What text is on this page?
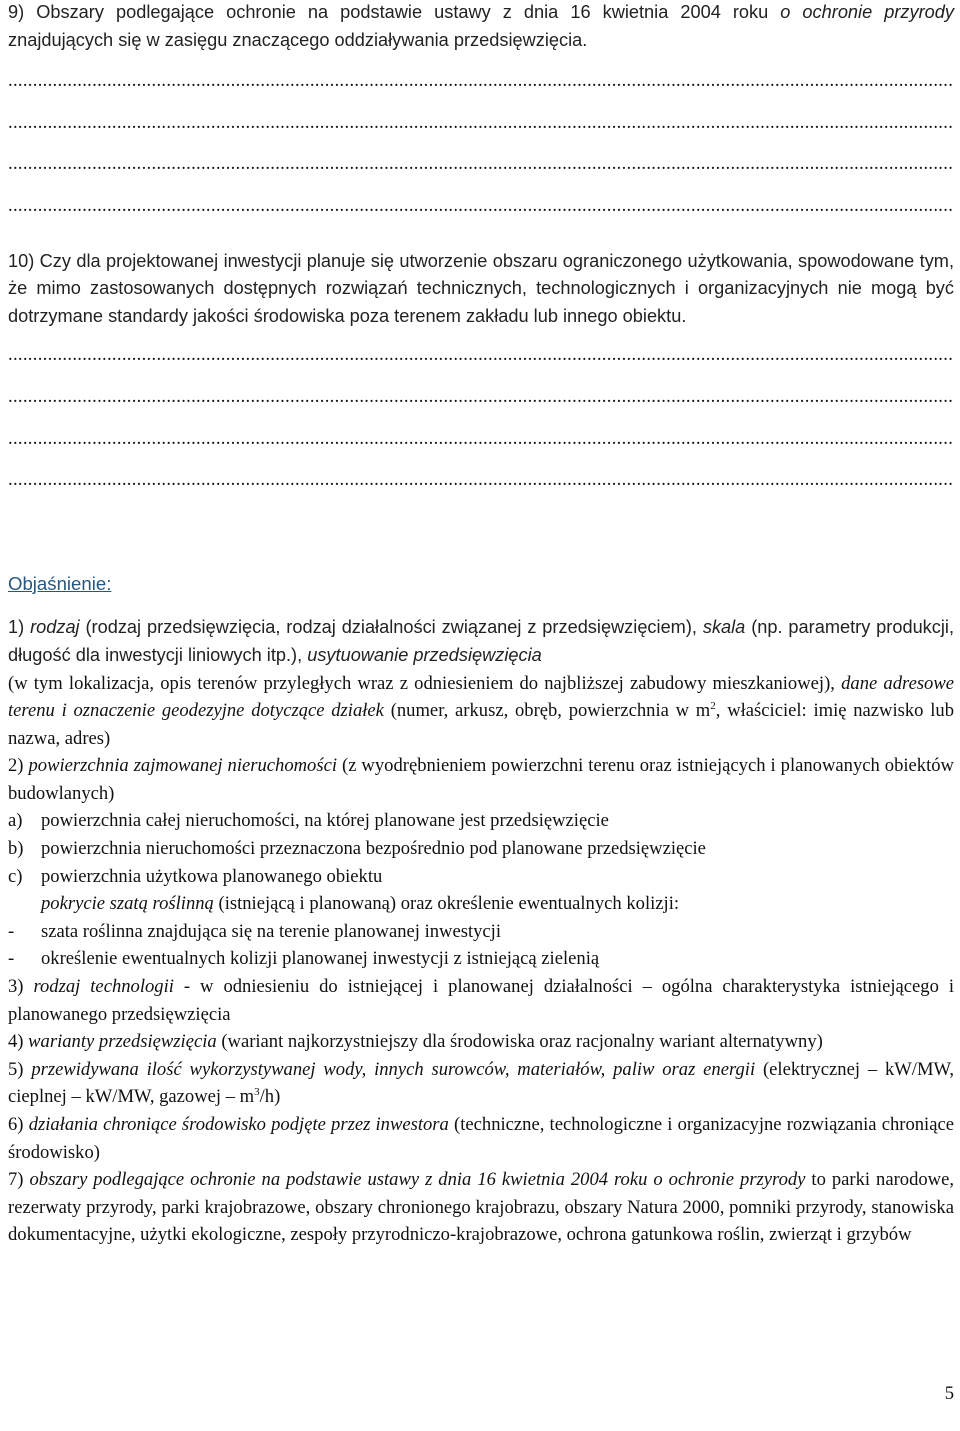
9) Obszary podlegające ochronie na podstawie ustawy z dnia 16 kwietnia 2004 roku o ochronie przyrody znajdujących się w zasięgu znaczącego oddziaływania przedsięwzięcia.

.....
.....
.....
.....

10) Czy dla projektowanej inwestycji planuje się utworzenie obszaru ograniczonego użytkowania, spowodowane tym, że mimo zastosowanych dostępnych rozwiązań technicznych, technologicznych i organizacyjnych nie mogą być dotrzymane standardy jakości środowiska poza terenem zakładu lub innego obiektu.

.....
.....
.....
.....

Objaśnienie:

1) rodzaj (rodzaj przedsięwzięcia, rodzaj działalności związanej z przedsięwzięciem), skala (np. parametry produkcji, długość dla inwestycji liniowych itp.), usytuowanie przedsięwzięcia

(w tym lokalizacja, opis terenów przyległych wraz z odniesieniem do najbliższej zabudowy mieszkaniowej), dane adresowe terenu i oznaczenie geodezyjne dotyczące działek (numer, arkusz, obręb, powierzchnia w $m^2$, właściciel: imię nazwisko lub nazwa, adres)

2) powierzchnia zajmowanej nieruchomości (z wyodrębnieniem powierzchni terenu oraz istniejących i planowanych obiektów budowlanych)

a) powierzchnia całej nieruchomości, na której planowane jest przedsięwzięcie
b) powierzchnia nieruchomości przeznaczona bezpośrednio pod planowane przedsięwzięcie
c) powierzchnia użytkowa planowanego obiektu

pokrycie szatą roślinną (istniejącą i planowaną) oraz określenie ewentualnych kolizji:

-	szata roślinna znajdująca się na terenie planowanej inwestycji
-	określenie ewentualnych kolizji planowanej inwestycji z istniejącą zielenią

3) rodzaj technologii - w odniesieniu do istniejącej i planowanej działalności – ogólna charakterystyka istniejącego i planowanego przedsięwzięcia

4) warianty przedsięwzięcia (wariant najkorzystniejszy dla środowiska oraz racjonalny wariant alternatywny)

5) przewidywana ilość wykorzystywanej wody, innych surowców, materiałów, paliw oraz energii (elektrycznej – kW/MW, cieplnej – kW/MW, gazowej – $m^3/h$)

6) działania chroniące środowisko podjęte przez inwestora (techniczne, technologiczne i organizacyjne rozwiązania chroniące środowisko)

7) obszary podlegające ochronie na podstawie ustawy z dnia 16 kwietnia 2004 roku o ochronie przyrody to parki narodowe, rezerwaty przyrody, parki krajobrazowe, obszary chronionego krajobrazu, obszary Natura 2000, pomniki przyrody, stanowiska dokumentacyjne, użytki ekologiczne, zespoły przyrodniczo-krajobrazowe, ochrona gatunkowa roślin, zwierząt i grzybów

5
